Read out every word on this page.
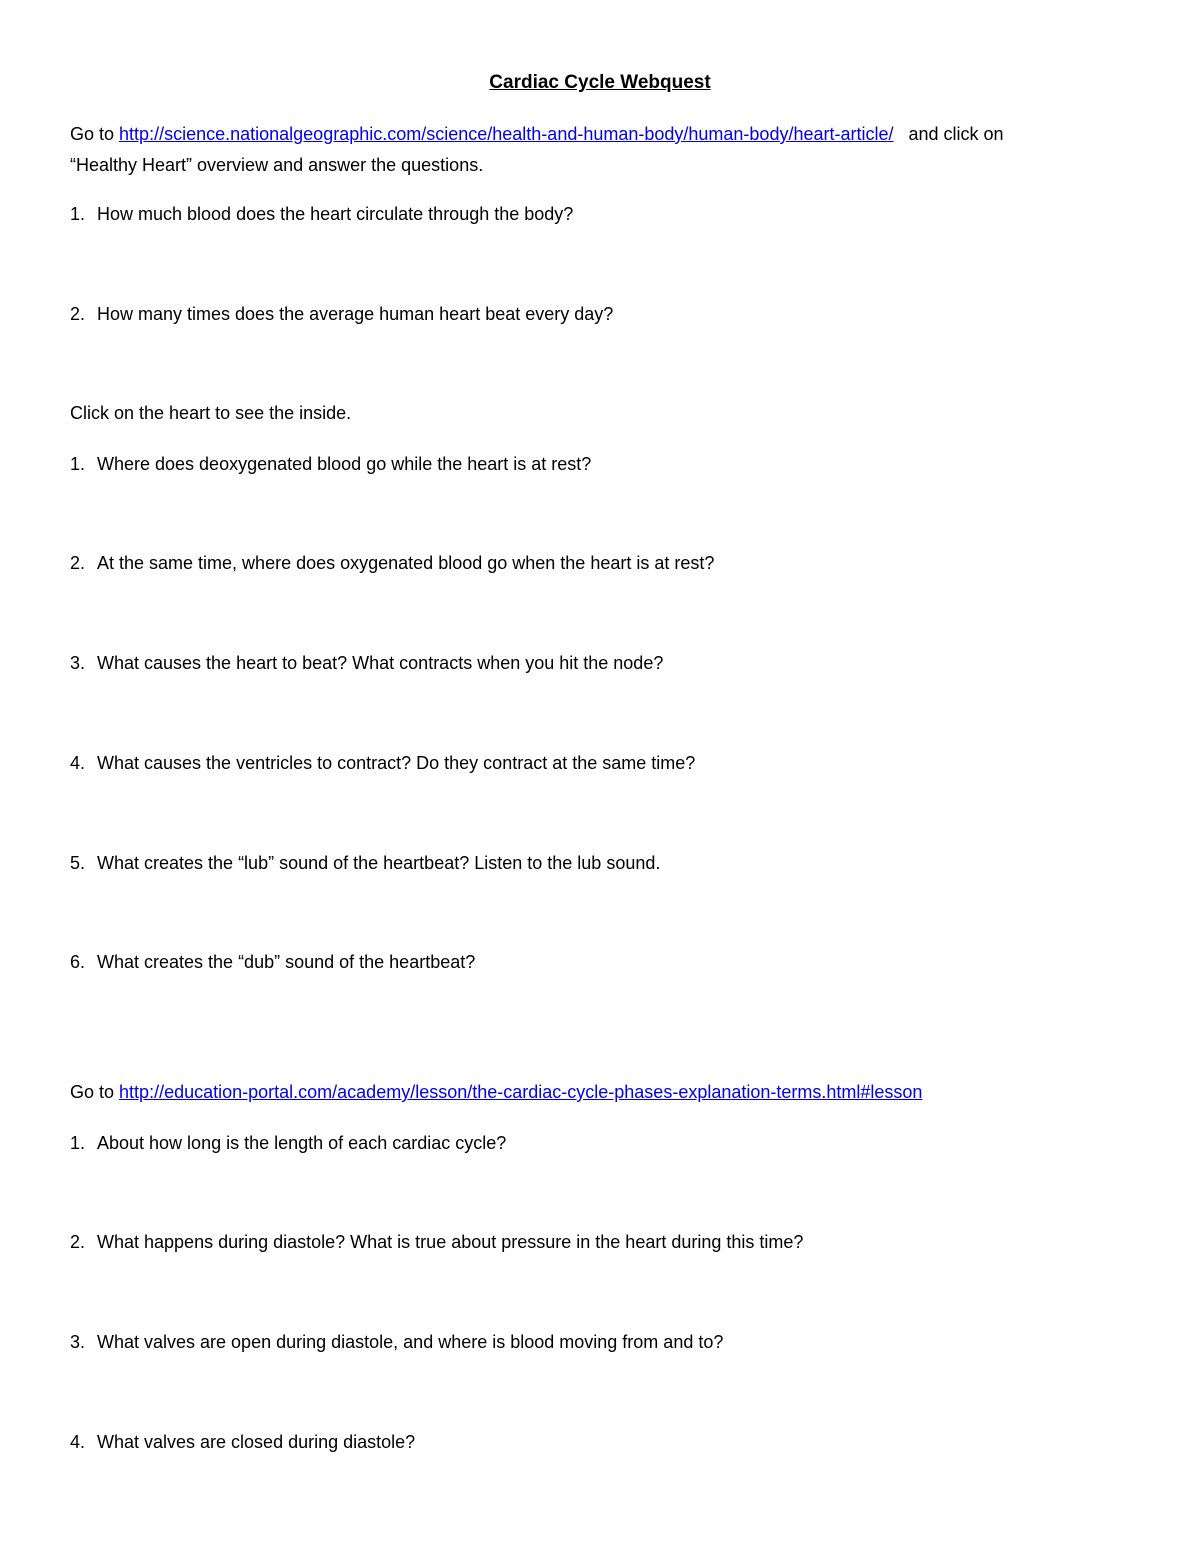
Cardiac Cycle Webquest
Go to http://science.nationalgeographic.com/science/health-and-human-body/human-body/heart-article/ and click on
“Healthy Heart” overview and answer the questions.
1. How much blood does the heart circulate through the body?
2. How many times does the average human heart beat every day?
Click on the heart to see the inside.
1. Where does deoxygenated blood go while the heart is at rest?
2. At the same time, where does oxygenated blood go when the heart is at rest?
3. What causes the heart to beat? What contracts when you hit the node?
4. What causes the ventricles to contract? Do they contract at the same time?
5. What creates the “lub” sound of the heartbeat? Listen to the lub sound.
6. What creates the “dub” sound of the heartbeat?
Go to http://education-portal.com/academy/lesson/the-cardiac-cycle-phases-explanation-terms.html#lesson
1. About how long is the length of each cardiac cycle?
2. What happens during diastole? What is true about pressure in the heart during this time?
3. What valves are open during diastole, and where is blood moving from and to?
4. What valves are closed during diastole?
